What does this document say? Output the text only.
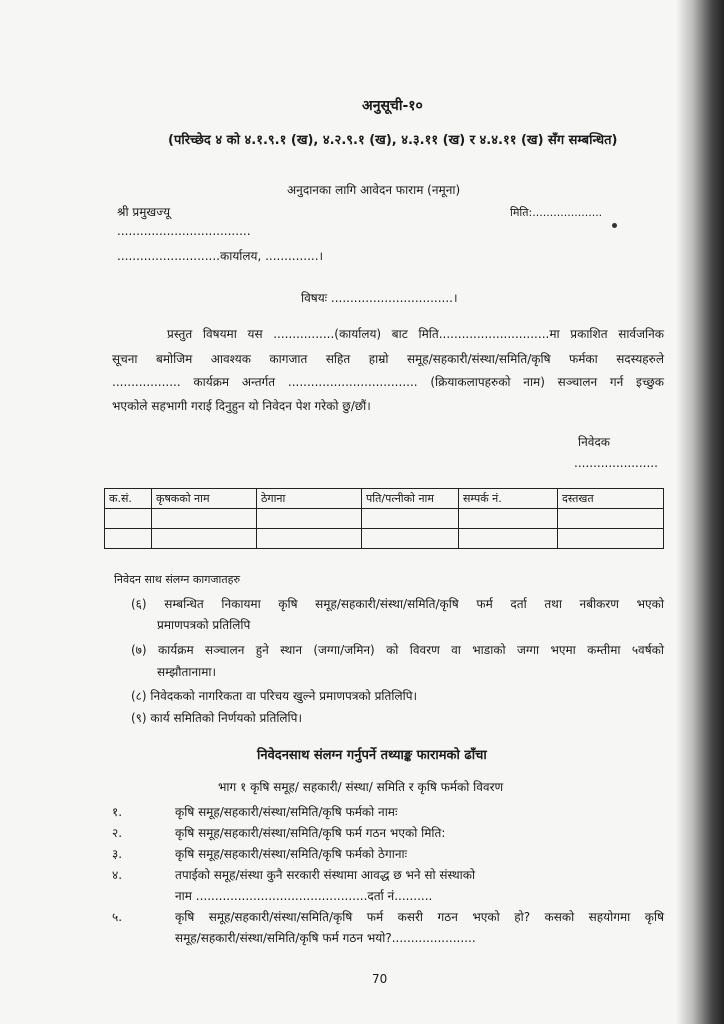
अनुसूची-१०
(परिच्छेद ४ को ४.१.९.१ (ख), ४.२.९.१ (ख), ४.३.११ (ख) र ४.४.११ (ख) सँग सम्बन्धित)
अनुदानका लागि आवेदन फाराम (नमूना)
श्री प्रमुखज्यू	मिति:....................
...................................
...........................कार्यालय, ..............।
विषयः ................................।
प्रस्तुत विषयमा यस ................(कार्यालय) बाट मिति.............................मा प्रकाशित सार्वजनिक
सूचना बमोजिम आवश्यक कागजात सहित हाम्रो समूह/सहकारी/संस्था/समिति/कृषि फर्मका सदस्यहरुले
.................. कार्यक्रम अन्तर्गत .................................. (क्रियाकलापहरुको नाम) सञ्चालन गर्न इच्छुक
भएकोले सहभागी गराई दिनुहुन यो निवेदन पेश गरेको छु/छौं।
निवेदक
......................
क.सं.	कृषकको नाम	ठेगाना	पति/पत्नीको नाम	सम्पर्क नं.	दस्तखत

निवेदन साथ संलग्न कागजातहरु
(६) सम्बन्धित निकायमा कृषि समूह/सहकारी/संस्था/समिति/कृषि फर्म दर्ता तथा नबीकरण भएको
प्रमाणपत्रको प्रतिलिपि
(७) कार्यक्रम सञ्चालन हुने स्थान (जग्गा/जमिन) को विवरण वा भाडाको जग्गा भएमा कम्तीमा ५वर्षको
सम्झौतानामा।
(८) निवेदकको नागरिकता वा परिचय खुल्ने प्रमाणपत्रको प्रतिलिपि।
(९) कार्य समितिको निर्णयको प्रतिलिपि।
निवेदनसाथ संलग्न गर्नुपर्ने तथ्याङ्क फारामको ढाँचा
भाग १ कृषि समूह/ सहकारी/ संस्था/ समिति र कृषि फर्मको विवरण
१.	कृषि समूह/सहकारी/संस्था/समिति/कृषि फर्मको नामः
२.	कृषि समूह/सहकारी/संस्था/समिति/कृषि फर्म गठन भएको मिति:
३.	कृषि समूह/सहकारी/संस्था/समिति/कृषि फर्मको ठेगानाः
४.	तपाईको समूह/संस्था कुनै सरकारी संस्थामा आवद्ध छ भने सो संस्थाको
नाम .............................................दर्ता नं..........
५.	कृषि समूह/सहकारी/संस्था/समिति/कृषि फर्म कसरी गठन भएको हो? कसको सहयोगमा कृषि
समूह/सहकारी/संस्था/समिति/कृषि फर्म गठन भयो?......................
70
